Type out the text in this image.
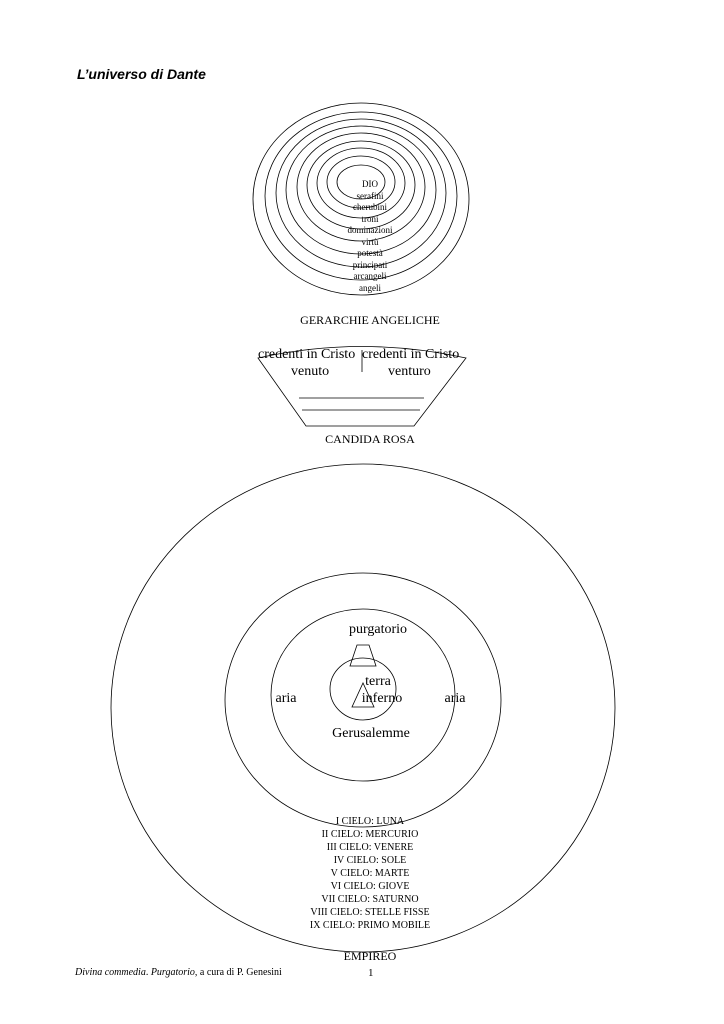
L’universo di Dante
DIO
serafini
cherubini
troni
dominazioni
virtù
potestà
principati
arcangeli
angeli
GERARCHIE ANGELICHE
credenti in Cristo credenti in Cristo
venuto	venturo
CANDIDA ROSA
purgatorio
terra
inferno
aria	aria
Gerusalemme
I CIELO: LUNA
II CIELO: MERCURIO
III CIELO: VENERE
IV CIELO: SOLE
V CIELO: MARTE
VI CIELO: GIOVE
VII CIELO: SATURNO
VIII CIELO: STELLE FISSE
IX CIELO: PRIMO MOBILE
EMPIREO
Divina commedia. Purgatorio, a cura di P. Genesini	1
